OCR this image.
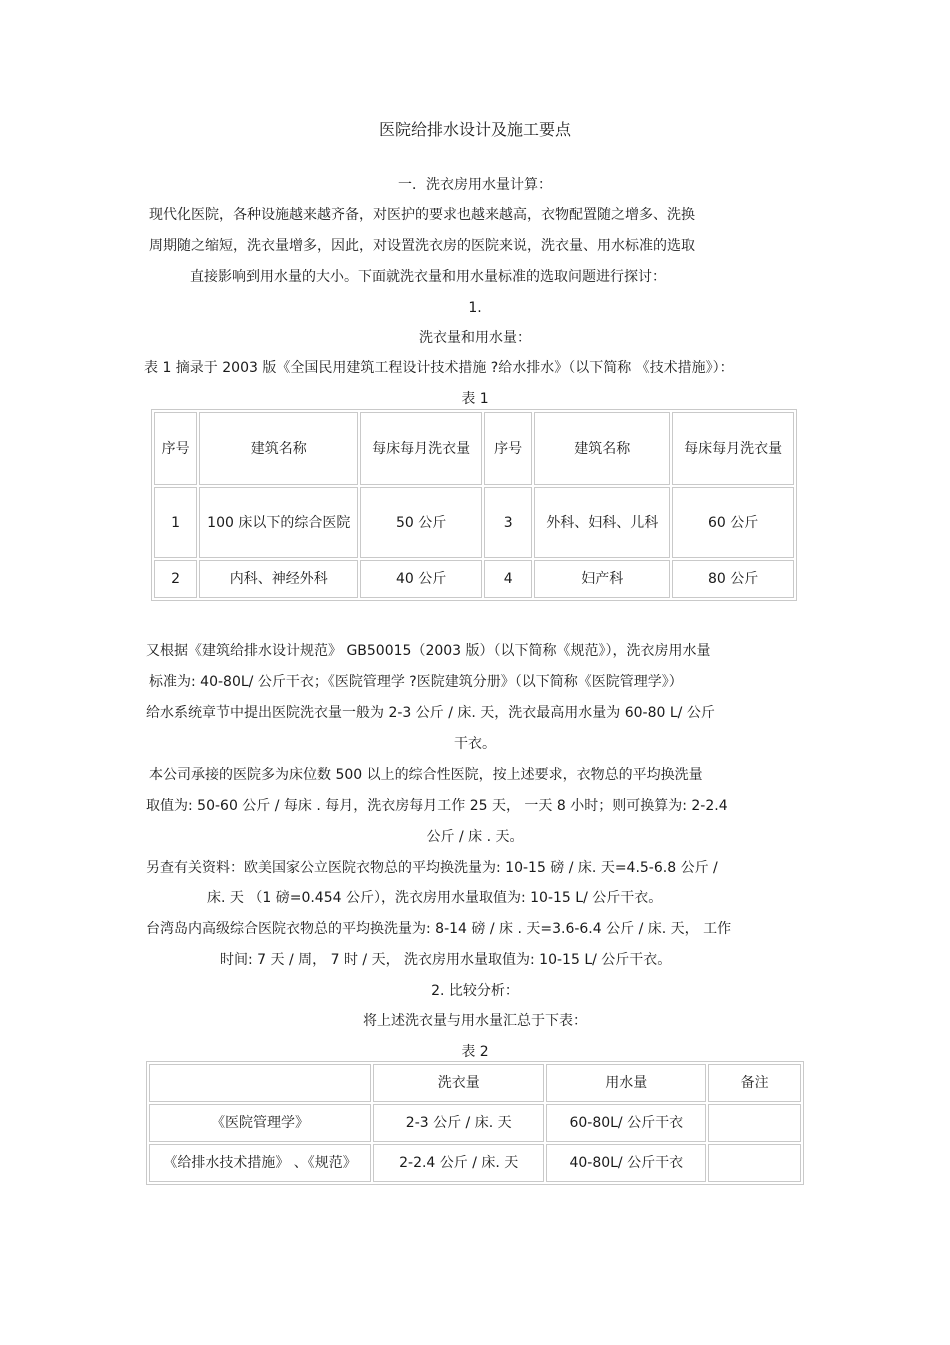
医院给排水设计及施工要点
一．洗衣房用水量计算：
现代化医院，各种设施越来越齐备，对医护的要求也越来越高，衣物配置随之增多、洗换
周期随之缩短，洗衣量增多，因此，对设置洗衣房的医院来说，洗衣量、用水标准的选取
直接影响到用水量的大小。下面就洗衣量和用水量标准的选取问题进行探讨：
1.
洗衣量和用水量：
表 1 摘录于 2003 版《全国民用建筑工程设计技术措施 ?给水排水》（以下简称 《技术措施》）：
表 1
序号	建筑名称	每床每月洗衣量	序号	建筑名称	每床每月洗衣量
1	100 床以下的综合医院	50 公斤	3	外科、妇科、儿科	60 公斤
2	内科、神经外科	40 公斤	4	妇产科	80 公斤
又根据《建筑给排水设计规范》 GB50015（2003 版）（以下简称《规范》），洗衣房用水量
标准为: 40-80L/ 公斤干衣；《医院管理学 ?医院建筑分册》（以下简称《医院管理学》）
给水系统章节中提出医院洗衣量一般为 2-3 公斤 / 床. 天，洗衣最高用水量为 60-80 L/ 公斤
干衣。
本公司承接的医院多为床位数 500 以上的综合性医院，按上述要求，衣物总的平均换洗量
取值为: 50-60 公斤 / 每床 . 每月，洗衣房每月工作 25 天， 一天 8 小时；则可换算为: 2-2.4
公斤 / 床 . 天。
另查有关资料：欧美国家公立医院衣物总的平均换洗量为: 10-15 磅 / 床. 天=4.5-6.8 公斤 /
床. 天 （1 磅=0.454 公斤），洗衣房用水量取值为: 10-15 L/ 公斤干衣。
台湾岛内高级综合医院衣物总的平均换洗量为: 8-14 磅 / 床 . 天=3.6-6.4 公斤 / 床. 天， 工作
时间: 7 天 / 周， 7 时 / 天， 洗衣房用水量取值为: 10-15 L/ 公斤干衣。
2. 比较分析：
将上述洗衣量与用水量汇总于下表：
表 2
	洗衣量	用水量	备注
《医院管理学》	2-3 公斤 / 床. 天	60-80L/ 公斤干衣	
《给排水技术措施》 、《规范》	2-2.4 公斤 / 床. 天	40-80L/ 公斤干衣	
